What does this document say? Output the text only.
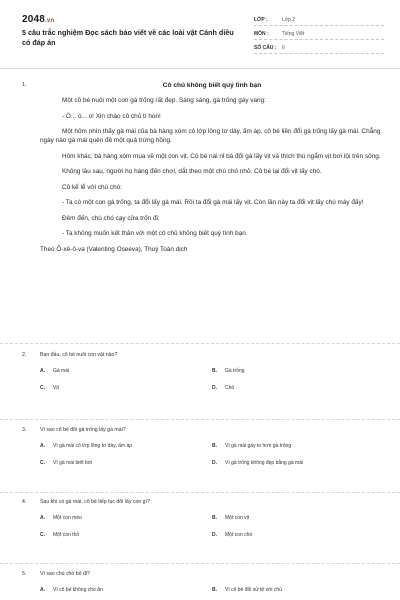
2048.vn
5 câu trắc nghiệm Đọc sách báo viết về các loài vật Cánh diều có đáp án
LỚP :	Lớp 2
MÔN :	Tiếng Việt
SỐ CÂU :	6
1.	Cô chủ không biết quý tình bạn

Một cô bé nuôi một con gà trống rất đẹp. Sáng sáng, gà trống gáy vang:

- Ò... ó... o! Xin chào cô chủ tí hon!

Một hôm nhìn thấy gà mái của bà hàng xóm có lớp lông tơ dày, ấm áp, cô bé liền đổi gà trống lấy gà mái. Chẳng ngày nào gà mái quên đẻ một quả trứng hồng.

Hôm khác, bà hàng xóm mua về một con vịt. Cô bé nài nỉ bà đổi gà lấy vịt và thích thú ngắm vịt bơi lội trên sông.

Không lâu sau, người họ hàng đến chơi, dắt theo một chú chó nhỏ. Cô bé lại đổi vịt lấy chó.

Cô kể lể với chú chó:

- Ta có một con gà trống, ta đổi lấy gà mái. Rồi ta đổi gà mái lấy vịt. Còn lần này ta đổi vịt lấy chú mày đấy!

Đêm đến, chú chó cạy cửa trốn đi:

- Ta không muốn kết thân với một cô chủ không biết quý tình bạn.

Theo Ô-xê-ô-va (Valenting Oseeva), Thuý Toàn dịch

2.	Ban đầu, cô bé nuôi con vật nào?
A.	Gà mái	B.	Gà trống
C.	Vịt	D.	Chó
3.	Vì sao cô bé đổi gà trống lấy gà mái?
A.	Vì gà mái có lớp lông tơ dày, ấm áp	B.	Vì gà mái gáy to hơn gà trống
C.	Vì gà mái biết bơi	D.	Vì gà trống không đẹp bằng gà mái
4.	Sau khi có gà mái, cô bé tiếp tục đổi lấy con gì?
A.	Một con mèo	B.	Một con vịt
C.	Một con thỏ	D.	Một con chó
5.	Vì sao chú chó bỏ đi?
A.	Vì cô bé không cho ăn	B.	Vì cô bé đối xử tệ với chú
